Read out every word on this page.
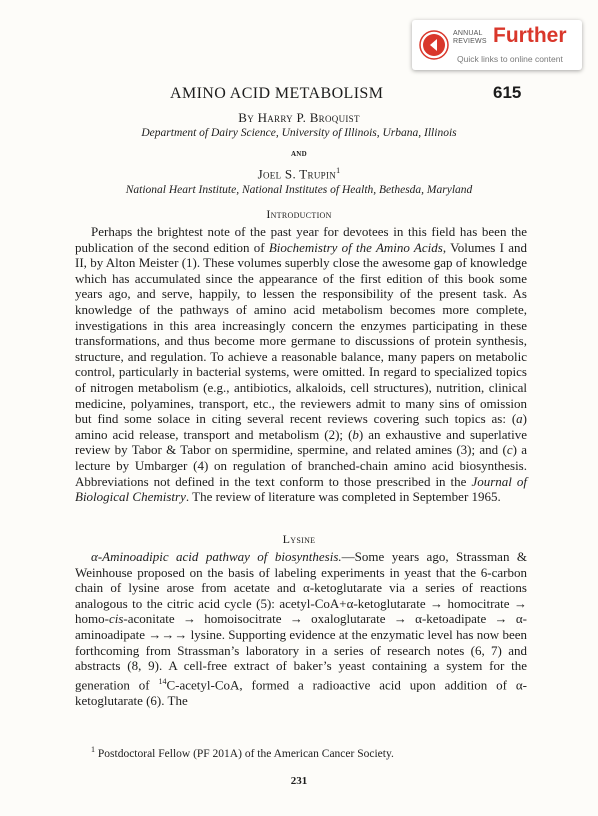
ANNUAL
REVIEWS Further
Quick links to online content
AMINO ACID METABOLISM	615
By Harry P. Broquist
Department of Dairy Science, University of Illinois, Urbana, Illinois
and
Joel S. Trupin$^1$
National Heart Institute, National Institutes of Health, Bethesda, Maryland
Introduction

Perhaps the brightest note of the past year for devotees in this field has been the publication of the second edition of Biochemistry of the Amino Acids, Volumes I and II, by Alton Meister (1). These volumes superbly close the awesome gap of knowledge which has accumulated since the appearance of the first edition of this book some years ago, and serve, happily, to lessen the responsibility of the present task. As knowledge of the pathways of amino acid metabolism becomes more complete, investigations in this area increasingly concern the enzymes participating in these transformations, and thus become more germane to discussions of protein synthesis, structure, and regulation. To achieve a reasonable balance, many papers on metabolic control, particularly in bacterial systems, were omitted. In regard to specialized topics of nitrogen metabolism (e.g., antibiotics, alkaloids, cell structures), nutrition, clinical medicine, polyamines, transport, etc., the reviewers admit to many sins of omission but find some solace in citing several recent reviews covering such topics as: (a) amino acid release, transport and metabolism (2); (b) an exhaustive and superlative review by Tabor & Tabor on spermidine, spermine, and related amines (3); and (c) a lecture by Umbarger (4) on regulation of branched-chain amino acid biosynthesis. Abbreviations not defined in the text conform to those prescribed in the Journal of Biological Chemistry. The review of literature was completed in September 1965.

Lysine

α-Aminoadipic acid pathway of biosynthesis.—Some years ago, Strassman & Weinhouse proposed on the basis of labeling experiments in yeast that the 6-carbon chain of lysine arose from acetate and α-ketoglutarate via a series of reactions analogous to the citric acid cycle (5): acetyl-CoA+α-ketoglutarate → homocitrate → homo-cis-aconitate → homoisocitrate → oxaloglutarate → α-ketoadipate → α-aminoadipate →→→ lysine. Supporting evidence at the enzymatic level has now been forthcoming from Strassman’s laboratory in a series of research notes (6, 7) and abstracts (8, 9). A cell-free extract of baker’s yeast containing a system for the generation of $^{14}$C-acetyl-CoA, formed a radioactive acid upon addition of α-ketoglutarate (6). The

$^1$ Postdoctoral Fellow (PF 201A) of the American Cancer Society.
231
